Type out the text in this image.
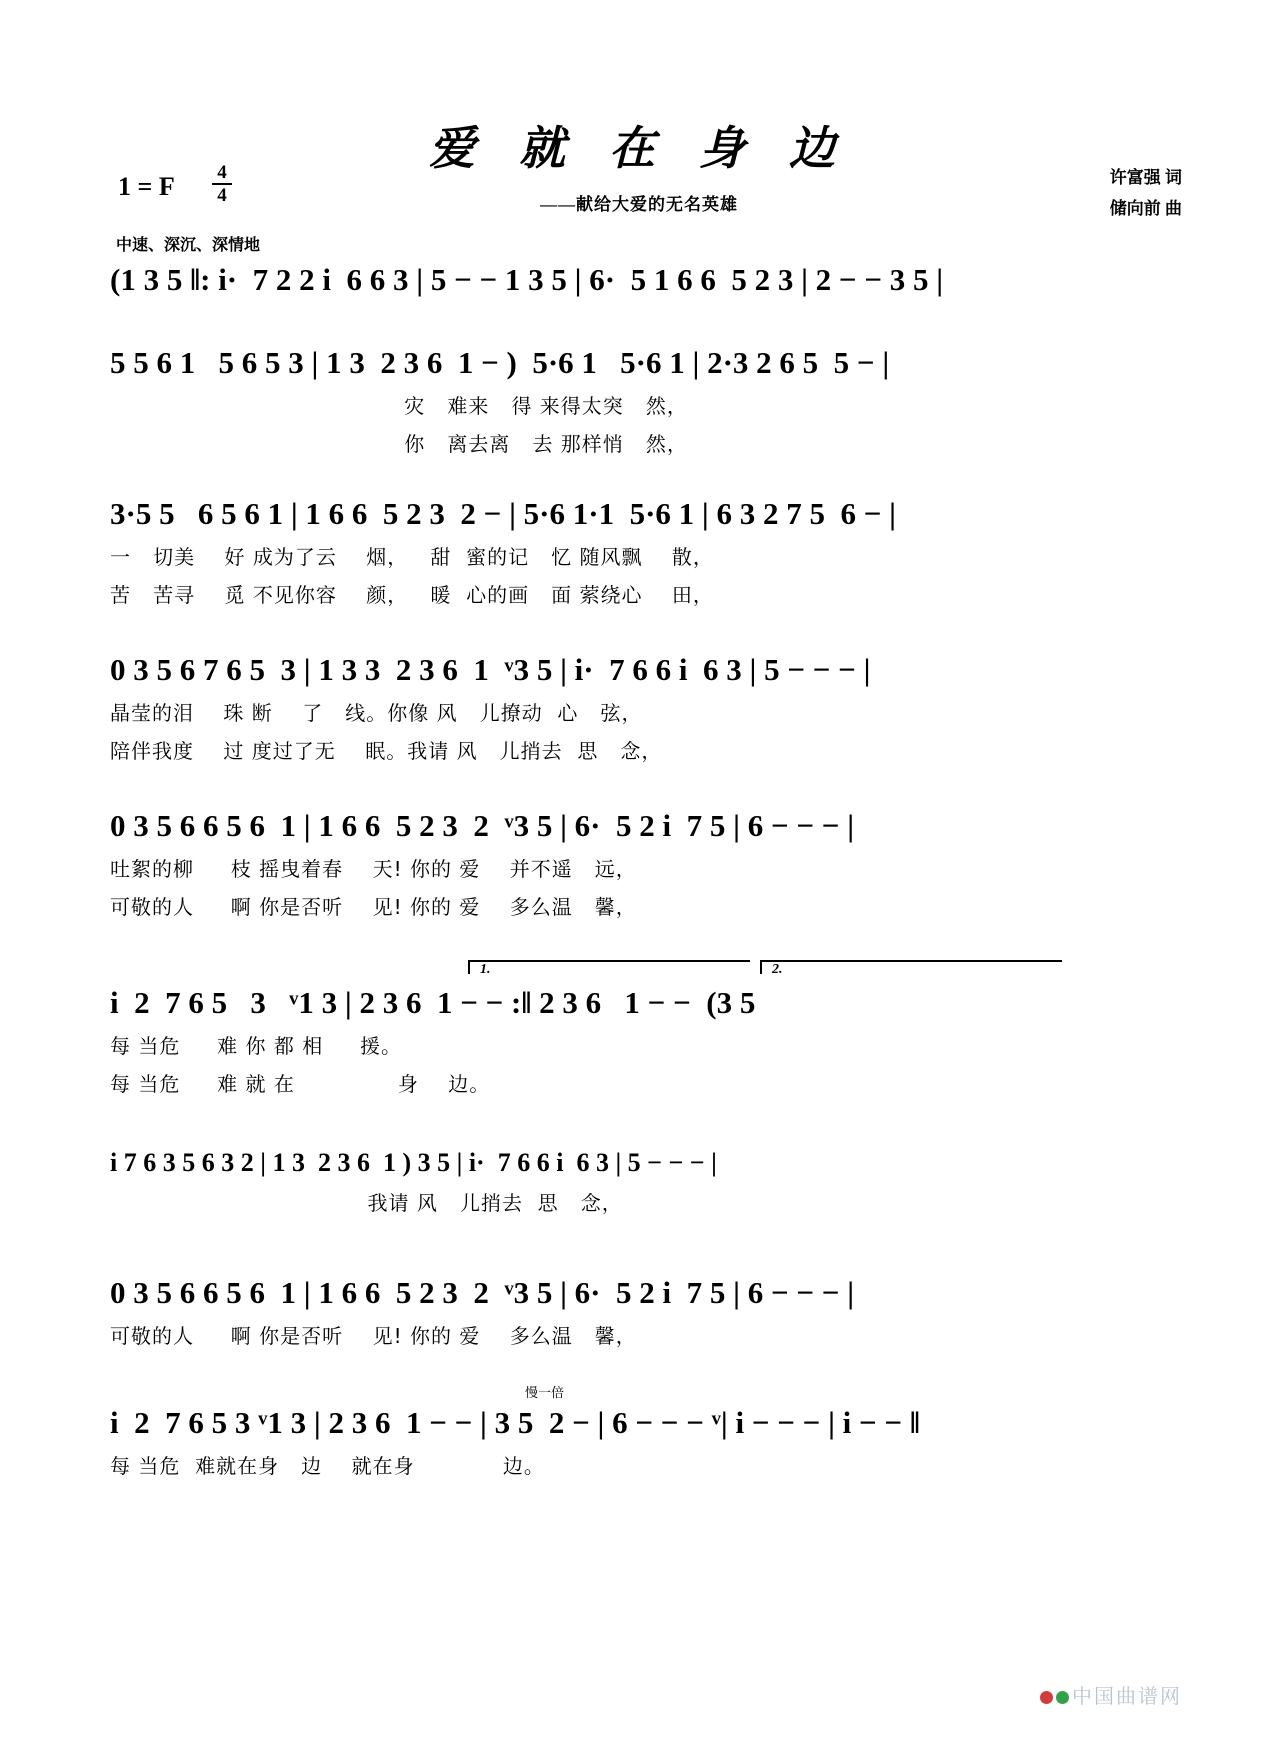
爱 就 在 身 边
——献给大爱的无名英雄
1 = F 4
4
许富强 词
储向前 曲
中速、深沉、深情地
(1 3 5 ‖: i·  7 2 2 i  6 6 3 | 5 − − 1 3 5 | 6·  5 1 6 6  5 2 3 | 2 − − 3 5 |
5 5 6 1   5 6 5 3 | 1 3  2 3 6  1 − )  5·6 1   5·6 1 | 2·3 2 6 5  5 − |
灾   难来   得 来得太突   然，
你   离去离   去 那样悄   然，
3·5 5   6 5 6 1 | 1 6 6  5 2 3  2 − | 5·6 1·1  5·6 1 | 6 3 2 7 5  6 − |
一   切美    好 成为了云    烟，   甜  蜜的记   忆 随风飘    散，
苦   苦寻    觅 不见你容    颜，   暖  心的画   面 萦绕心    田，
0 3 5 6 7 6 5  3 | 1 3 3  2 3 6  1  ᵛ3 5 | i·  7 6 6 i  6 3 | 5 − − − |
晶莹的泪    珠 断    了   线。你像 风   儿撩动  心   弦，
陪伴我度    过 度过了无    眠。我请 风   儿捎去  思   念，
0 3 5 6 6 5 6  1 | 1 6 6  5 2 3  2  ᵛ3 5 | 6·  5 2 i  7 5 | 6 − − − |
吐絮的柳     枝 摇曳着春    天! 你的 爱    并不遥   远，
可敬的人     啊 你是否听    见! 你的 爱    多么温   馨，
1.	2.
i  2  7 6 5   3   ᵛ1 3 | 2 3 6  1 − − :‖ 2 3 6   1 − −  (3 5
每 当危     难 你 都 相     援。
每 当危     难 就 在              身    边。
i 7 6 3 5 6 3 2 | 1 3  2 3 6  1 ) 3 5 | i·  7 6 6 i  6 3 | 5 − − − |
我请 风   儿捎去  思   念，
0 3 5 6 6 5 6  1 | 1 6 6  5 2 3  2  ᵛ3 5 | 6·  5 2 i  7 5 | 6 − − − |
可敬的人     啊 你是否听    见! 你的 爱    多么温   馨，
慢一倍
i  2  7 6 5 3 ᵛ1 3 | 2 3 6  1 − − | 3 5  2 − | 6 − − − ᵛ| i − − − | i − − ‖
每 当危  难就在身   边    就在身            边。
中国曲谱网
